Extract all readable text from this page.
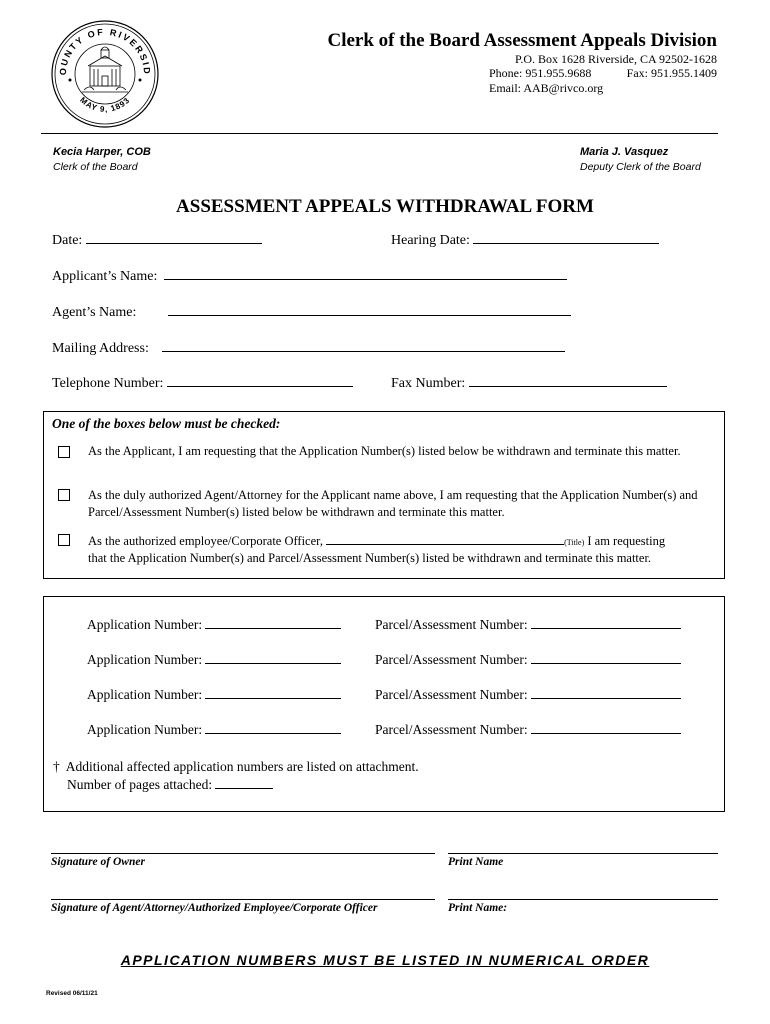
OUNTY OF RIVERSID
MAY 9, 1893
Clerk of the Board Assessment Appeals Division
P.O. Box 1628 Riverside, CA 92502-1628
Phone: 951.955.9688	Fax: 951.955.1409
Email: AAB@rivco.org
Kecia Harper, COB
Clerk of the Board
Maria J. Vasquez
Deputy Clerk of the Board
ASSESSMENT APPEALS WITHDRAWAL FORM
Date:	Hearing Date:
Applicant’s Name:
Agent’s Name:
Mailing Address:
Telephone Number:	Fax Number:
One of the boxes below must be checked:
As the Applicant, I am requesting that the Application Number(s) listed below be withdrawn and terminate this matter.
As the duly authorized Agent/Attorney for the Applicant name above, I am requesting that the Application Number(s) and Parcel/Assessment Number(s) listed below be withdrawn and terminate this matter.
As the authorized employee/Corporate Officer,	(Title) I am requesting
that the Application Number(s) and Parcel/Assessment Number(s) listed be withdrawn and terminate this matter.
Application Number:	Parcel/Assessment Number:
Application Number:	Parcel/Assessment Number:
Application Number:	Parcel/Assessment Number:
Application Number:	Parcel/Assessment Number:
† Additional affected application numbers are listed on attachment.
Number of pages attached:
Signature of Owner	Print Name
Signature of Agent/Attorney/Authorized Employee/Corporate Officer	Print Name:
APPLICATION NUMBERS MUST BE LISTED IN NUMERICAL ORDER
Revised 06/11/21
